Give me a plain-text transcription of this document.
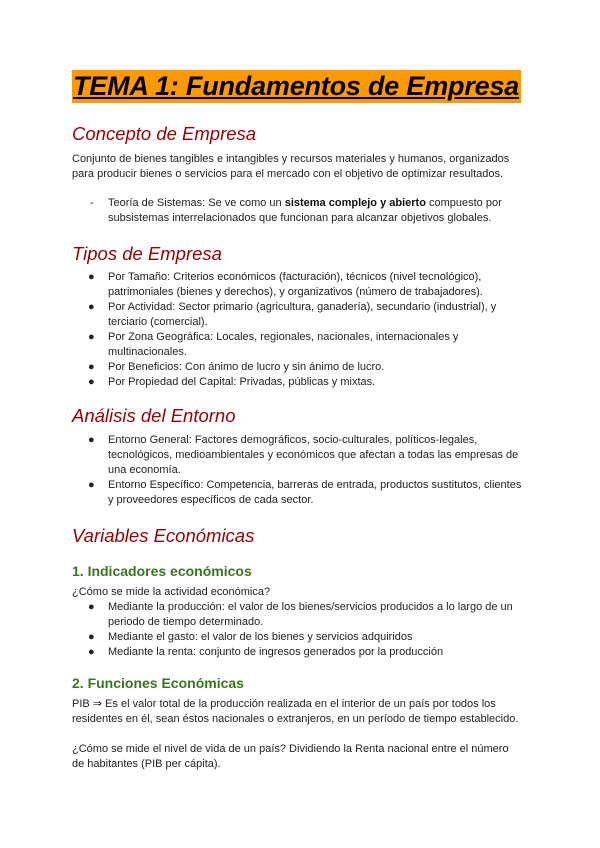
TEMA 1: Fundamentos de Empresa
Concepto de Empresa
Conjunto de bienes tangibles e intangibles y recursos materiales y humanos, organizados
para producir bienes o servicios para el mercado con el objetivo de optimizar resultados.
-	Teoría de Sistemas: Se ve como un sistema complejo y abierto compuesto por
subsistemas interrelacionados que funcionan para alcanzar objetivos globales.
Tipos de Empresa
●	Por Tamaño: Criterios económicos (facturación), técnicos (nivel tecnológico),
patrimoniales (bienes y derechos), y organizativos (número de trabajadores).
●	Por Actividad: Sector primario (agricultura, ganadería), secundario (industrial), y
terciario (comercial).
●	Por Zona Geográfica: Locales, regionales, nacionales, internacionales y
multinacionales.
●	Por Beneficios: Con ánimo de lucro y sin ánimo de lucro.
●	Por Propiedad del Capital: Privadas, públicas y mixtas.
Análisis del Entorno
●	Entorno General: Factores demográficos, socio-culturales, políticos-legales,
tecnológicos, medioambientales y económicos que afectan a todas las empresas de
una economía.
●	Entorno Específico: Competencia, barreras de entrada, productos sustitutos, clientes
y proveedores específicos de cada sector.
Variables Económicas
1. Indicadores económicos
¿Cómo se mide la actividad económica?
●	Mediante la producción: el valor de los bienes/servicios producidos a lo largo de un
periodo de tiempo determinado.
●	Mediante el gasto: el valor de los bienes y servicios adquiridos
●	Mediante la renta: conjunto de ingresos generados por la producción
2. Funciones Económicas
PIB ⇒ Es el valor total de la producción realizada en el interior de un país por todos los
residentes en él, sean éstos nacionales o extranjeros, en un período de tiempo establecido.
¿Cómo se mide el nivel de vida de un país? Dividiendo la Renta nacional entre el número
de habitantes (PIB per cápita).
